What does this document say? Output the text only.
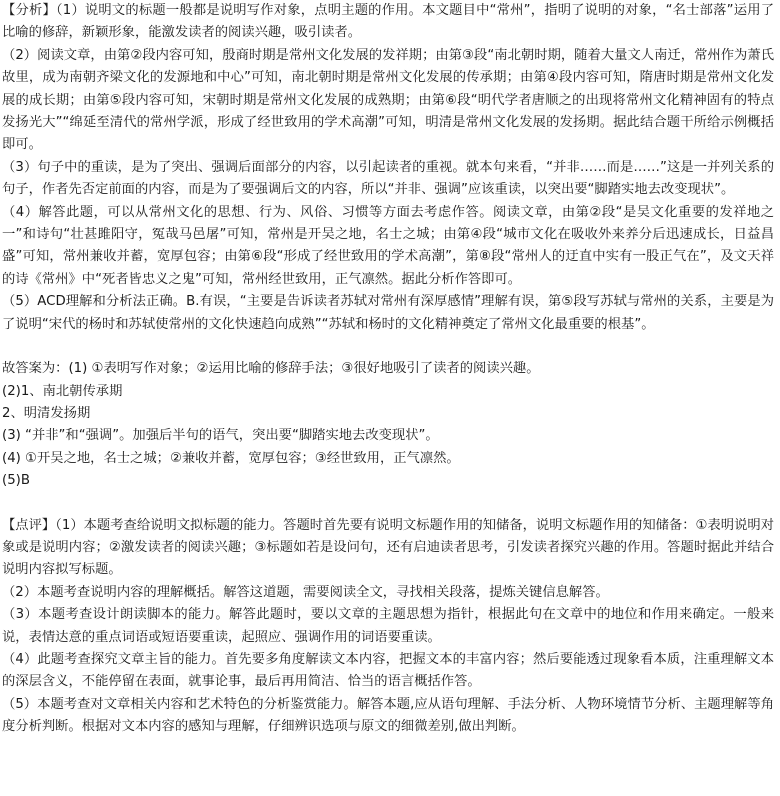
【分析】（1）说明文的标题一般都是说明写作对象，点明主题的作用。本文题目中“常州”，指明了说明的对象，“名士部落”运用了比喻的修辞，新颖形象，能激发读者的阅读兴趣，吸引读者。

（2）阅读文章，由第②段内容可知，殷商时期是常州文化发展的发祥期；由第③段“南北朝时期，随着大量文人南迁，常州作为萧氏故里，成为南朝齐梁文化的发源地和中心”可知，南北朝时期是常州文化发展的传承期；由第④段内容可知，隋唐时期是常州文化发展的成长期；由第⑤段内容可知，宋朝时期是常州文化发展的成熟期；由第⑥段“明代学者唐顺之的出现将常州文化精神固有的特点发扬光大”“绵延至清代的常州学派，形成了经世致用的学术高潮”可知，明清是常州文化发展的发扬期。据此结合题干所给示例概括即可。

（3）句子中的重读，是为了突出、强调后面部分的内容，以引起读者的重视。就本句来看，“并非……而是……”这是一并列关系的句子，作者先否定前面的内容，而是为了要强调后文的内容，所以“并非、强调”应该重读，以突出要“脚踏实地去改变现状”。

（4）解答此题，可以从常州文化的思想、行为、风俗、习惯等方面去考虑作答。阅读文章，由第②段“是吴文化重要的发祥地之一”和诗句“壮甚雎阳守，冤哉马邑屠”可知，常州是开吴之地，名士之城；由第④段“城市文化在吸收外来养分后迅速成长，日益昌盛”可知，常州兼收并蓄，宽厚包容；由第⑥段“形成了经世致用的学术高潮”，第⑧段“常州人的迂直中实有一股正气在”，及文天祥的诗《常州》中“死者皆忠义之鬼”可知，常州经世致用，正气凛然。据此分析作答即可。

（5）ACD理解和分析法正确。B.有误，“主要是告诉读者苏轼对常州有深厚感情”理解有误，第⑤段写苏轼与常州的关系，主要是为了说明“宋代的杨时和苏轼使常州的文化快速趋向成熟”“苏轼和杨时的文化精神奠定了常州文化最重要的根基”。

故答案为：(1) ①表明写作对象；②运用比喻的修辞手法；③很好地吸引了读者的阅读兴趣。

(2)1、南北朝传承期

2、明清发扬期

(3) “并非”和“强调”。加强后半句的语气，突出要“脚踏实地去改变现状”。

(4) ①开吴之地，名士之城；②兼收并蓄，宽厚包容；③经世致用，正气凛然。

(5)B

【点评】（1）本题考查给说明文拟标题的能力。答题时首先要有说明文标题作用的知储备，说明文标题作用的知储备：①表明说明对象或是说明内容；②激发读者的阅读兴趣；③标题如若是设问句，还有启迪读者思考，引发读者探究兴趣的作用。答题时据此并结合说明内容拟写标题。

（2）本题考查说明内容的理解概括。解答这道题，需要阅读全文，寻找相关段落，提炼关键信息解答。

（3）本题考查设计朗读脚本的能力。解答此题时，要以文章的主题思想为指针，根据此句在文章中的地位和作用来确定。一般来说，表情达意的重点词语或短语要重读，起照应、强调作用的词语要重读。

（4）此题考查探究文章主旨的能力。首先要多角度解读文本内容，把握文本的丰富内容；然后要能透过现象看本质，注重理解文本的深层含义，不能停留在表面，就事论事，最后再用简洁、恰当的语言概括作答。

（5）本题考查对文章相关内容和艺术特色的分析鉴赏能力。解答本题,应从语句理解、手法分析、人物环境情节分析、主题理解等角度分析判断。根据对文本内容的感知与理解，仔细辨识选项与原文的细微差别,做出判断。
